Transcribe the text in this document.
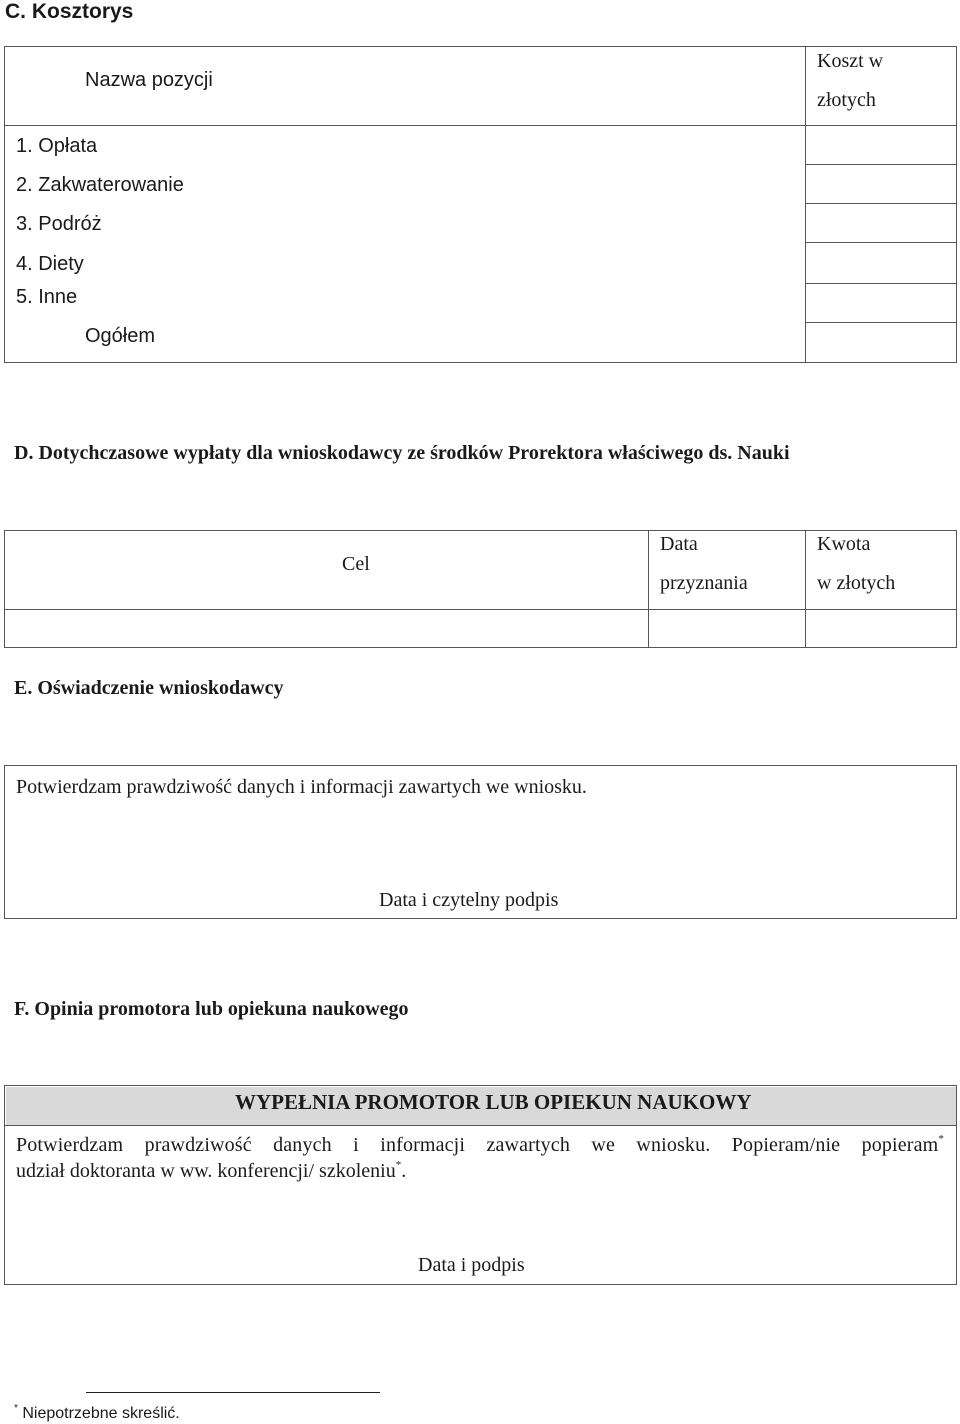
C. Kosztorys
Nazwa pozycji
Koszt w
złotych
1. Opłata
2. Zakwaterowanie
3. Podróż
4. Diety
5. Inne
Ogółem
D. Dotychczasowe wypłaty dla wnioskodawcy ze środków Prorektora właściwego ds. Nauki
Cel
Data
przyznania
Kwota
w złotych
E. Oświadczenie wnioskodawcy
Potwierdzam prawdziwość danych i informacji zawartych we wniosku.
Data i czytelny podpis
F. Opinia promotora lub opiekuna naukowego
WYPEŁNIA PROMOTOR LUB OPIEKUN NAUKOWY
Potwierdzam prawdziwość danych i informacji zawartych we wniosku. Popieram/nie popieram*
udział doktoranta w ww. konferencji/ szkoleniu*.
Data i podpis
* Niepotrzebne skreślić.
